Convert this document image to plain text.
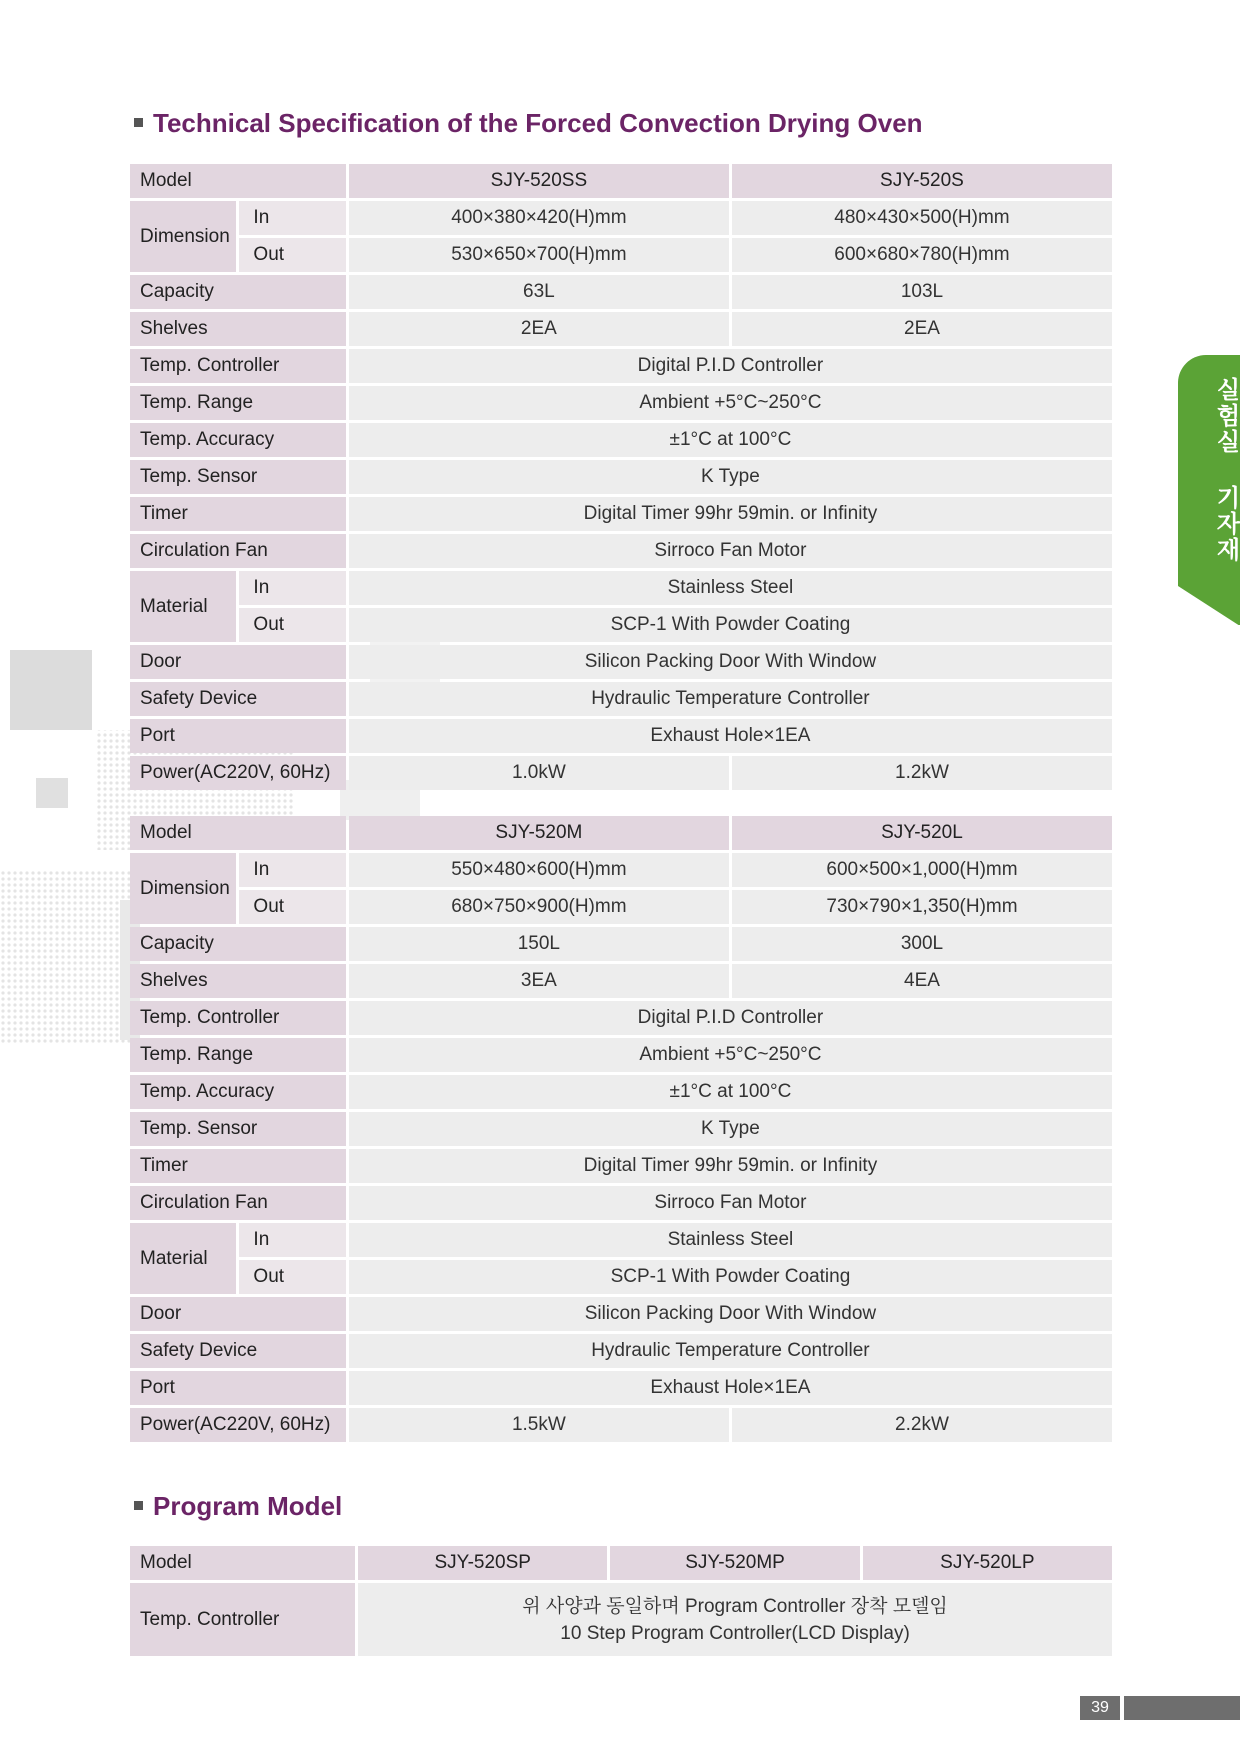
실험실 기자재
Technical Specification of the Forced Convection Drying Oven
Model		SJY-520SS	SJY-520S
Dimension	In	400×380×420(H)mm	480×430×500(H)mm
	Out	530×650×700(H)mm	600×680×780(H)mm
Capacity		63L	103L
Shelves		2EA	2EA
Temp. Controller		Digital P.I.D Controller	
Temp. Range		Ambient +5°C~250°C	
Temp. Accuracy		±1°C at 100°C	
Temp. Sensor		K Type	
Timer		Digital Timer 99hr 59min. or Infinity	
Circulation Fan		Sirroco Fan Motor	
Material	In	Stainless Steel	
	Out	SCP-1 With Powder Coating	
Door		Silicon Packing Door With Window	
Safety Device		Hydraulic Temperature Controller	
Port		Exhaust Hole×1EA	
Power(AC220V, 60Hz)		1.0kW	1.2kW
Model		SJY-520M	SJY-520L
Dimension	In	550×480×600(H)mm	600×500×1,000(H)mm
	Out	680×750×900(H)mm	730×790×1,350(H)mm
Capacity		150L	300L
Shelves		3EA	4EA
Temp. Controller		Digital P.I.D Controller	
Temp. Range		Ambient +5°C~250°C	
Temp. Accuracy		±1°C at 100°C	
Temp. Sensor		K Type	
Timer		Digital Timer 99hr 59min. or Infinity	
Circulation Fan		Sirroco Fan Motor	
Material	In	Stainless Steel	
	Out	SCP-1 With Powder Coating	
Door		Silicon Packing Door With Window	
Safety Device		Hydraulic Temperature Controller	
Port		Exhaust Hole×1EA	
Power(AC220V, 60Hz)		1.5kW	2.2kW
Program Model
Model	SJY-520SP	SJY-520MP	SJY-520LP
Temp. Controller	위 사양과 동일하며 Program Controller 장착 모델임
10 Step Program Controller(LCD Display)		
39
